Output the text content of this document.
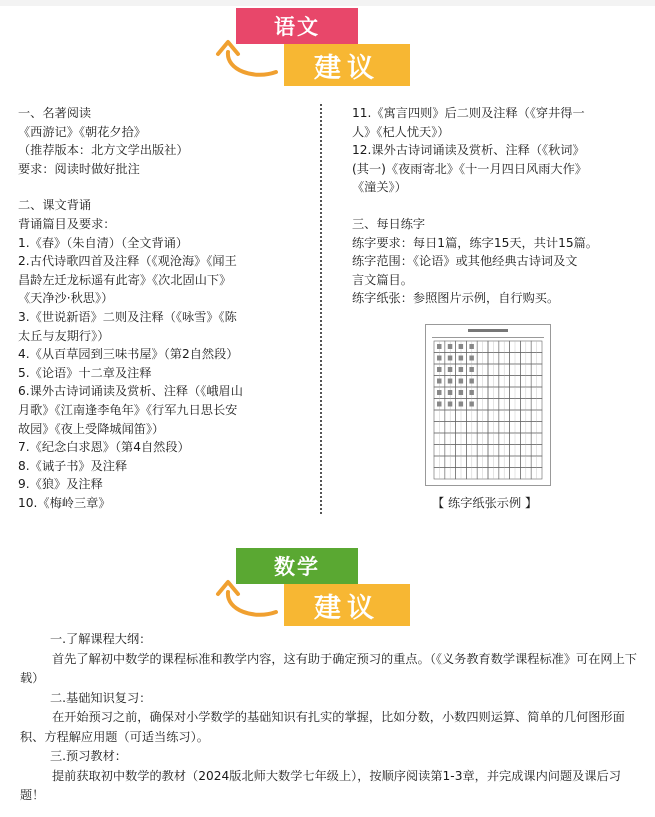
语文
建议

一、名著阅读

《西游记》《朝花夕拾》

（推荐版本：北方文学出版社）

要求：阅读时做好批注

二、课文背诵

背诵篇目及要求：

1.《春》（朱自清）（全文背诵）

2.古代诗歌四首及注释（《观沧海》《闻王

昌龄左迁龙标遥有此寄》《次北固山下》

《天净沙·秋思》）

3.《世说新语》二则及注释（《咏雪》《陈

太丘与友期行》）

4.《从百草园到三味书屋》（第2自然段）

5.《论语》十二章及注释

6.课外古诗词诵读及赏析、注释（《峨眉山

月歌》《江南逢李龟年》《行军九日思长安

故园》《夜上受降城闻笛》）

7.《纪念白求恩》（第4自然段）

8.《诫子书》及注释

9.《狼》及注释

10.《梅岭三章》

11.《寓言四则》后二则及注释（《穿井得一

人》《杞人忧天》）

12.课外古诗词诵读及赏析、注释（《秋词》

(其一)《夜雨寄北》《十一月四日风雨大作》

《潼关》）

三、每日练字

练字要求：每日1篇，练字15天，共计15篇。

练字范围：《论语》或其他经典古诗词及文

言文篇目。

练字纸张：参照图片示例，自行购买。

【 练字纸张示例 】
数学
建议

一.了解课程大纲：

首先了解初中数学的课程标准和教学内容，这有助于确定预习的重点。（《义务教育数学课程标准》可在网上下载）

二.基础知识复习：

在开始预习之前，确保对小学数学的基础知识有扎实的掌握，比如分数，小数四则运算、简单的几何图形面积、方程解应用题（可适当练习）。

三.预习教材：

提前获取初中数学的教材（2024版北师大数学七年级上），按顺序阅读第1-3章，并完成课内问题及课后习题！
